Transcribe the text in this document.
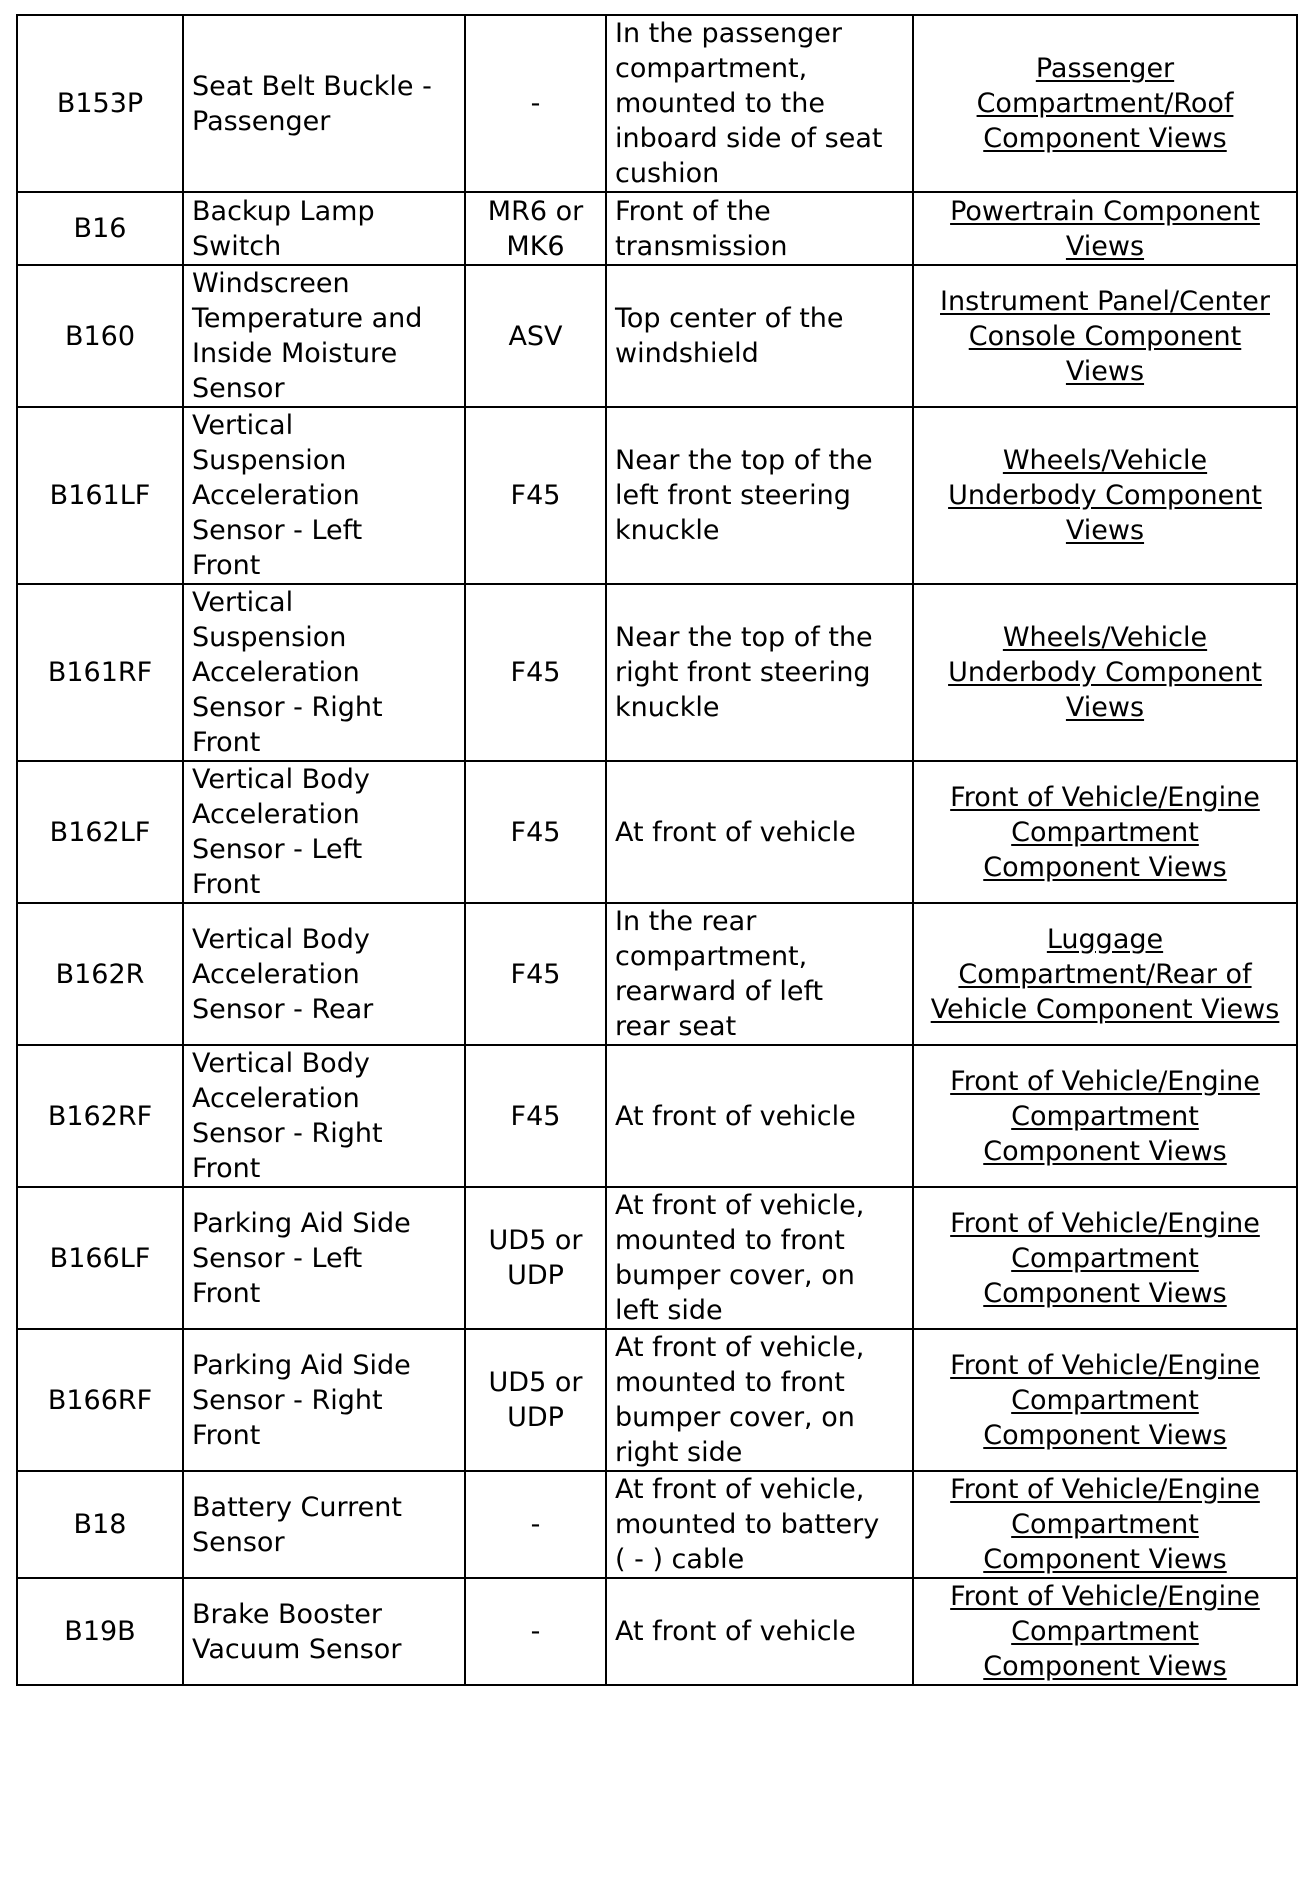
B153P	Seat Belt Buckle -
Passenger	-	In the passenger
compartment,
mounted to the
inboard side of seat
cushion	Passenger
Compartment/Roof
Component Views

B16	Backup Lamp
Switch	MR6 or
MK6	Front of the
transmission	Powertrain Component
Views

B160	Windscreen
Temperature and
Inside Moisture
Sensor	ASV	Top center of the
windshield	Instrument Panel/Center
Console Component
Views

B161LF	Vertical
Suspension
Acceleration
Sensor - Left
Front	F45	Near the top of the
left front steering
knuckle	Wheels/Vehicle
Underbody Component
Views

B161RF	Vertical
Suspension
Acceleration
Sensor - Right
Front	F45	Near the top of the
right front steering
knuckle	Wheels/Vehicle
Underbody Component
Views

B162LF	Vertical Body
Acceleration
Sensor - Left
Front	F45	At front of vehicle	Front of Vehicle/Engine
Compartment
Component Views

B162R	Vertical Body
Acceleration
Sensor - Rear	F45	In the rear
compartment,
rearward of left
rear seat	Luggage
Compartment/Rear of
Vehicle Component Views

B162RF	Vertical Body
Acceleration
Sensor - Right
Front	F45	At front of vehicle	Front of Vehicle/Engine
Compartment
Component Views

B166LF	Parking Aid Side
Sensor - Left
Front	UD5 or
UDP	At front of vehicle,
mounted to front
bumper cover, on
left side	Front of Vehicle/Engine
Compartment
Component Views

B166RF	Parking Aid Side
Sensor - Right
Front	UD5 or
UDP	At front of vehicle,
mounted to front
bumper cover, on
right side	Front of Vehicle/Engine
Compartment
Component Views

B18	Battery Current
Sensor	-	At front of vehicle,
mounted to battery
( - ) cable	Front of Vehicle/Engine
Compartment
Component Views

B19B	Brake Booster
Vacuum Sensor	-	At front of vehicle	Front of Vehicle/Engine
Compartment
Component Views
